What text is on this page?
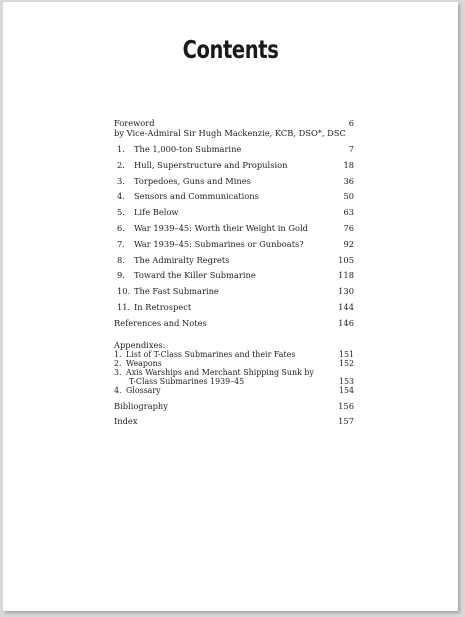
Contents
Foreword	6
by Vice-Admiral Sir Hugh Mackenzie, KCB, DSO*, DSC
1. The 1,000-ton Submarine	7
2. Hull, Superstructure and Propulsion	18
3. Torpedoes, Guns and Mines	36
4. Sensors and Communications	50
5. Life Below	63
6. War 1939–45: Worth their Weight in Gold	76
7. War 1939–45: Submarines or Gunboats?	92
8. The Admiralty Regrets	105
9. Toward the Killer Submarine	118
10. The Fast Submarine	130
11. In Retrospect	144
References and Notes	146
Appendixes:
1. List of T-Class Submarines and their Fates	151
2. Weapons	152
3. Axis Warships and Merchant Shipping Sunk by
T-Class Submarines 1939–45	153
4. Glossary	154
Bibliography	156
Index	157
